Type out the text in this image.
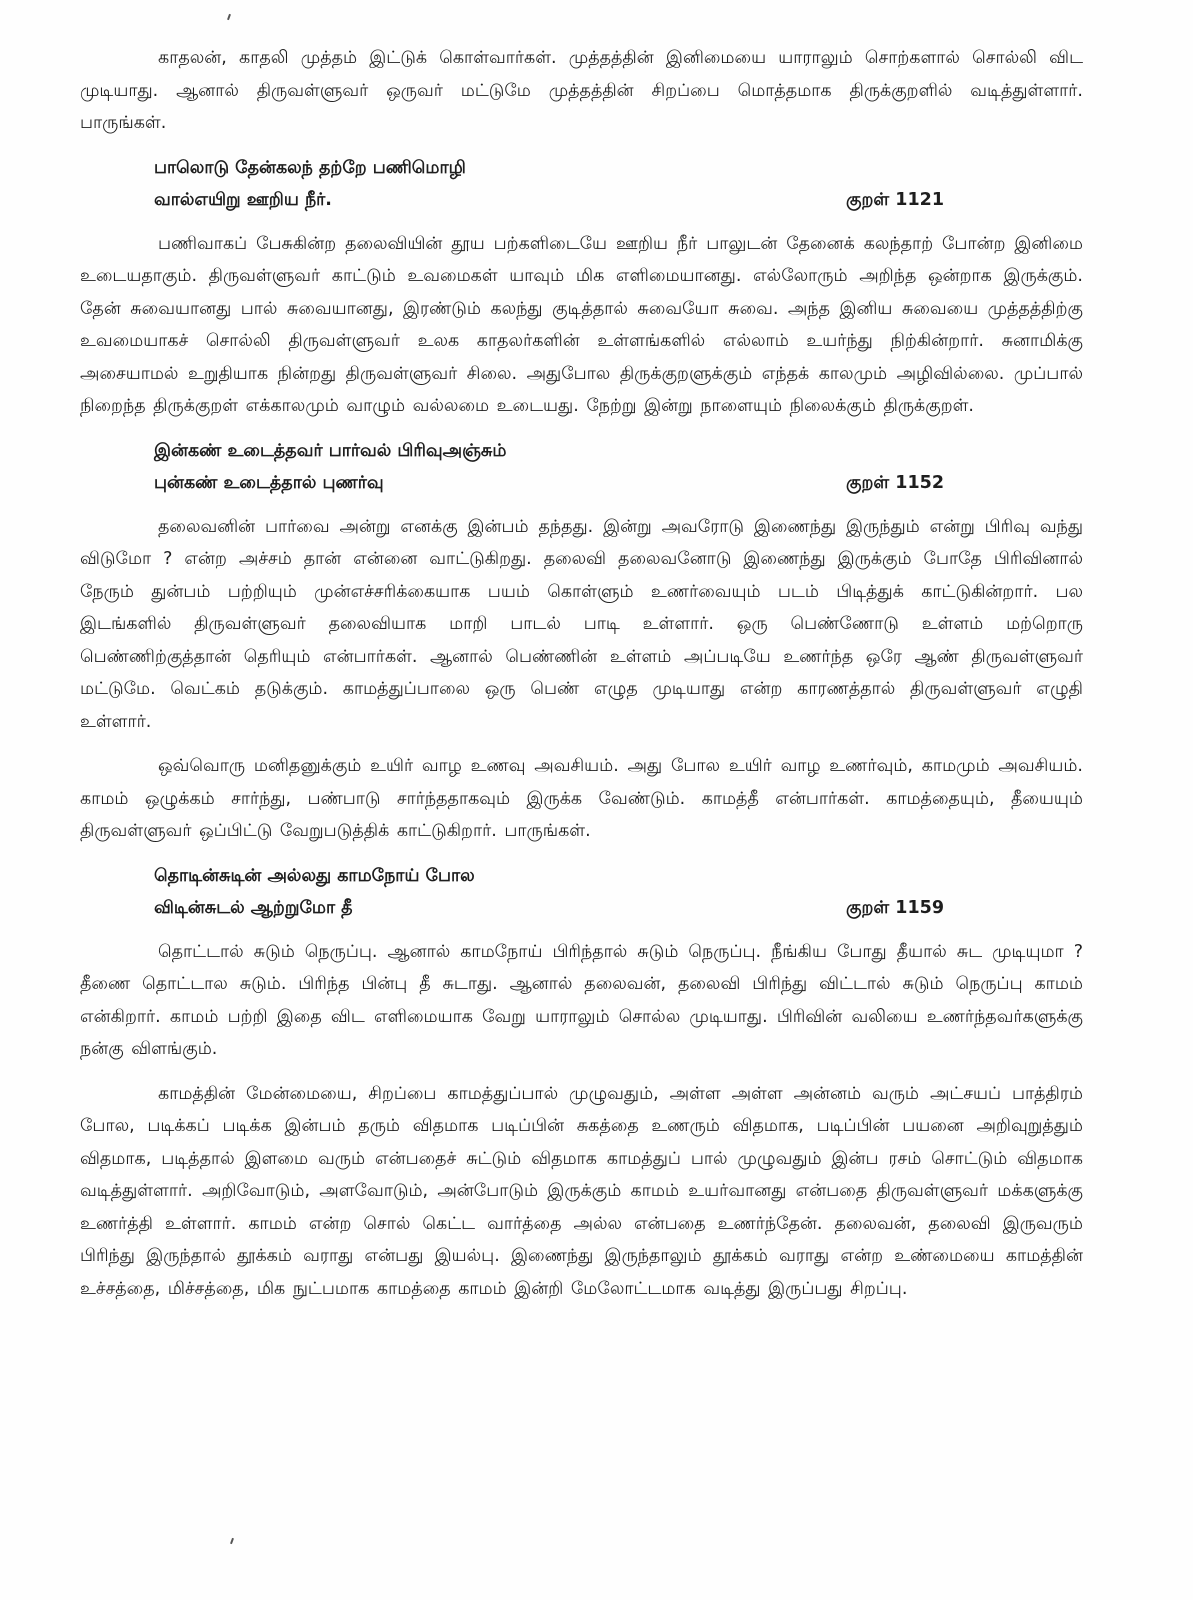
காதலன், காதலி முத்தம் இட்டுக் கொள்வார்கள். முத்தத்தின் இனிமையை யாராலும் சொற்களால் சொல்லி விட முடியாது. ஆனால் திருவள்ளுவர் ஒருவர் மட்டுமே முத்தத்தின் சிறப்பை மொத்தமாக திருக்குறளில் வடித்துள்ளார். பாருங்கள்.

பாலொடு தேன்கலந் தற்றே பணிமொழி
வால்எயிறு ஊறிய நீர்.	குறள் 1121

பணிவாகப் பேசுகின்ற தலைவியின் தூய பற்களிடையே ஊறிய நீர் பாலுடன் தேனைக் கலந்தாற் போன்ற இனிமை உடையதாகும். திருவள்ளுவர் காட்டும் உவமைகள் யாவும் மிக எளிமையானது. எல்லோரும் அறிந்த ஒன்றாக இருக்கும். தேன் சுவையானது பால் சுவையானது, இரண்டும் கலந்து குடித்தால் சுவையோ சுவை. அந்த இனிய சுவையை முத்தத்திற்கு உவமையாகச் சொல்லி திருவள்ளுவர் உலக காதலர்களின் உள்ளங்களில் எல்லாம் உயர்ந்து நிற்கின்றார். சுனாமிக்கு அசையாமல் உறுதியாக நின்றது திருவள்ளுவர் சிலை. அதுபோல திருக்குறளுக்கும் எந்தக் காலமும் அழிவில்லை. முப்பால் நிறைந்த திருக்குறள் எக்காலமும் வாழும் வல்லமை உடையது. நேற்று இன்று நாளையும் நிலைக்கும் திருக்குறள்.

இன்கண் உடைத்தவர் பார்வல் பிரிவுஅஞ்சும்
புன்கண் உடைத்தால் புணர்வு	குறள் 1152

தலைவனின் பார்வை அன்று எனக்கு இன்பம் தந்தது. இன்று அவரோடு இணைந்து இருந்தும் என்று பிரிவு வந்து விடுமோ ? என்ற அச்சம் தான் என்னை வாட்டுகிறது. தலைவி தலைவனோடு இணைந்து இருக்கும் போதே பிரிவினால் நேரும் துன்பம் பற்றியும் முன்எச்சரிக்கையாக பயம் கொள்ளும் உணர்வையும் படம் பிடித்துக் காட்டுகின்றார். பல இடங்களில் திருவள்ளுவர் தலைவியாக மாறி பாடல் பாடி உள்ளார். ஒரு பெண்ணோடு உள்ளம் மற்றொரு பெண்ணிற்குத்தான் தெரியும் என்பார்கள். ஆனால் பெண்ணின் உள்ளம் அப்படியே உணர்ந்த ஒரே ஆண் திருவள்ளுவர் மட்டுமே. வெட்கம் தடுக்கும். காமத்துப்பாலை ஒரு பெண் எழுத முடியாது என்ற காரணத்தால் திருவள்ளுவர் எழுதி உள்ளார்.

ஒவ்வொரு மனிதனுக்கும் உயிர் வாழ உணவு அவசியம். அது போல உயிர் வாழ உணர்வும், காமமும் அவசியம். காமம் ஒழுக்கம் சார்ந்து, பண்பாடு சார்ந்ததாகவும் இருக்க வேண்டும். காமத்தீ என்பார்கள். காமத்தையும், தீயையும் திருவள்ளுவர் ஒப்பிட்டு வேறுபடுத்திக் காட்டுகிறார். பாருங்கள்.

தொடின்சுடின் அல்லது காமநோய் போல
விடின்சுடல் ஆற்றுமோ தீ	குறள் 1159

தொட்டால் சுடும் நெருப்பு. ஆனால் காமநோய் பிரிந்தால் சுடும் நெருப்பு. நீங்கிய போது தீயால் சுட முடியுமா ? தீணை தொட்டால சுடும். பிரிந்த பின்பு தீ சுடாது. ஆனால் தலைவன், தலைவி பிரிந்து விட்டால் சுடும் நெருப்பு காமம் என்கிறார். காமம் பற்றி இதை விட எளிமையாக வேறு யாராலும் சொல்ல முடியாது. பிரிவின் வலியை உணர்ந்தவர்களுக்கு நன்கு விளங்கும்.

காமத்தின் மேன்மையை, சிறப்பை காமத்துப்பால் முழுவதும், அள்ள அள்ள அன்னம் வரும் அட்சயப் பாத்திரம் போல, படிக்கப் படிக்க இன்பம் தரும் விதமாக படிப்பின் சுகத்தை உணரும் விதமாக, படிப்பின் பயனை அறிவுறுத்தும் விதமாக, படித்தால் இளமை வரும் என்பதைச் சுட்டும் விதமாக காமத்துப் பால் முழுவதும் இன்ப ரசம் சொட்டும் விதமாக வடித்துள்ளார். அறிவோடும், அளவோடும், அன்போடும் இருக்கும் காமம் உயர்வானது என்பதை திருவள்ளுவர் மக்களுக்கு உணர்த்தி உள்ளார். காமம் என்ற சொல் கெட்ட வார்த்தை அல்ல என்பதை உணர்ந்தேன். தலைவன், தலைவி இருவரும் பிரிந்து இருந்தால் தூக்கம் வராது என்பது இயல்பு. இணைந்து இருந்தாலும் தூக்கம் வராது என்ற உண்மையை காமத்தின் உச்சத்தை, மிச்சத்தை, மிக நுட்பமாக காமத்தை காமம் இன்றி மேலோட்டமாக வடித்து இருப்பது சிறப்பு.
